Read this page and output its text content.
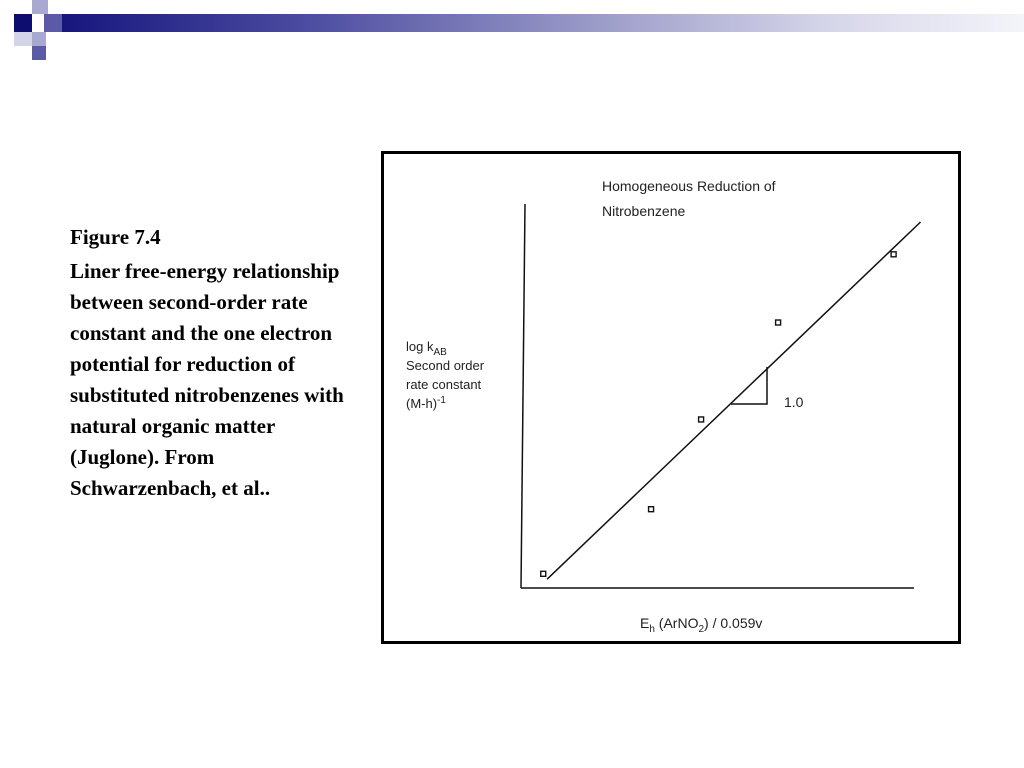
Figure 7.4

Liner free-energy relationship between second-order rate constant and the one electron potential for reduction of substituted nitrobenzenes with natural organic matter (Juglone). From Schwarzenbach, et al..

Homogeneous Reduction of
Nitrobenzene
$\log k_{AB}$
Second order
rate constant
$(M-h)^{-1}$	1.0
$E_h$ (ArNO$_2$) / 0.059v
